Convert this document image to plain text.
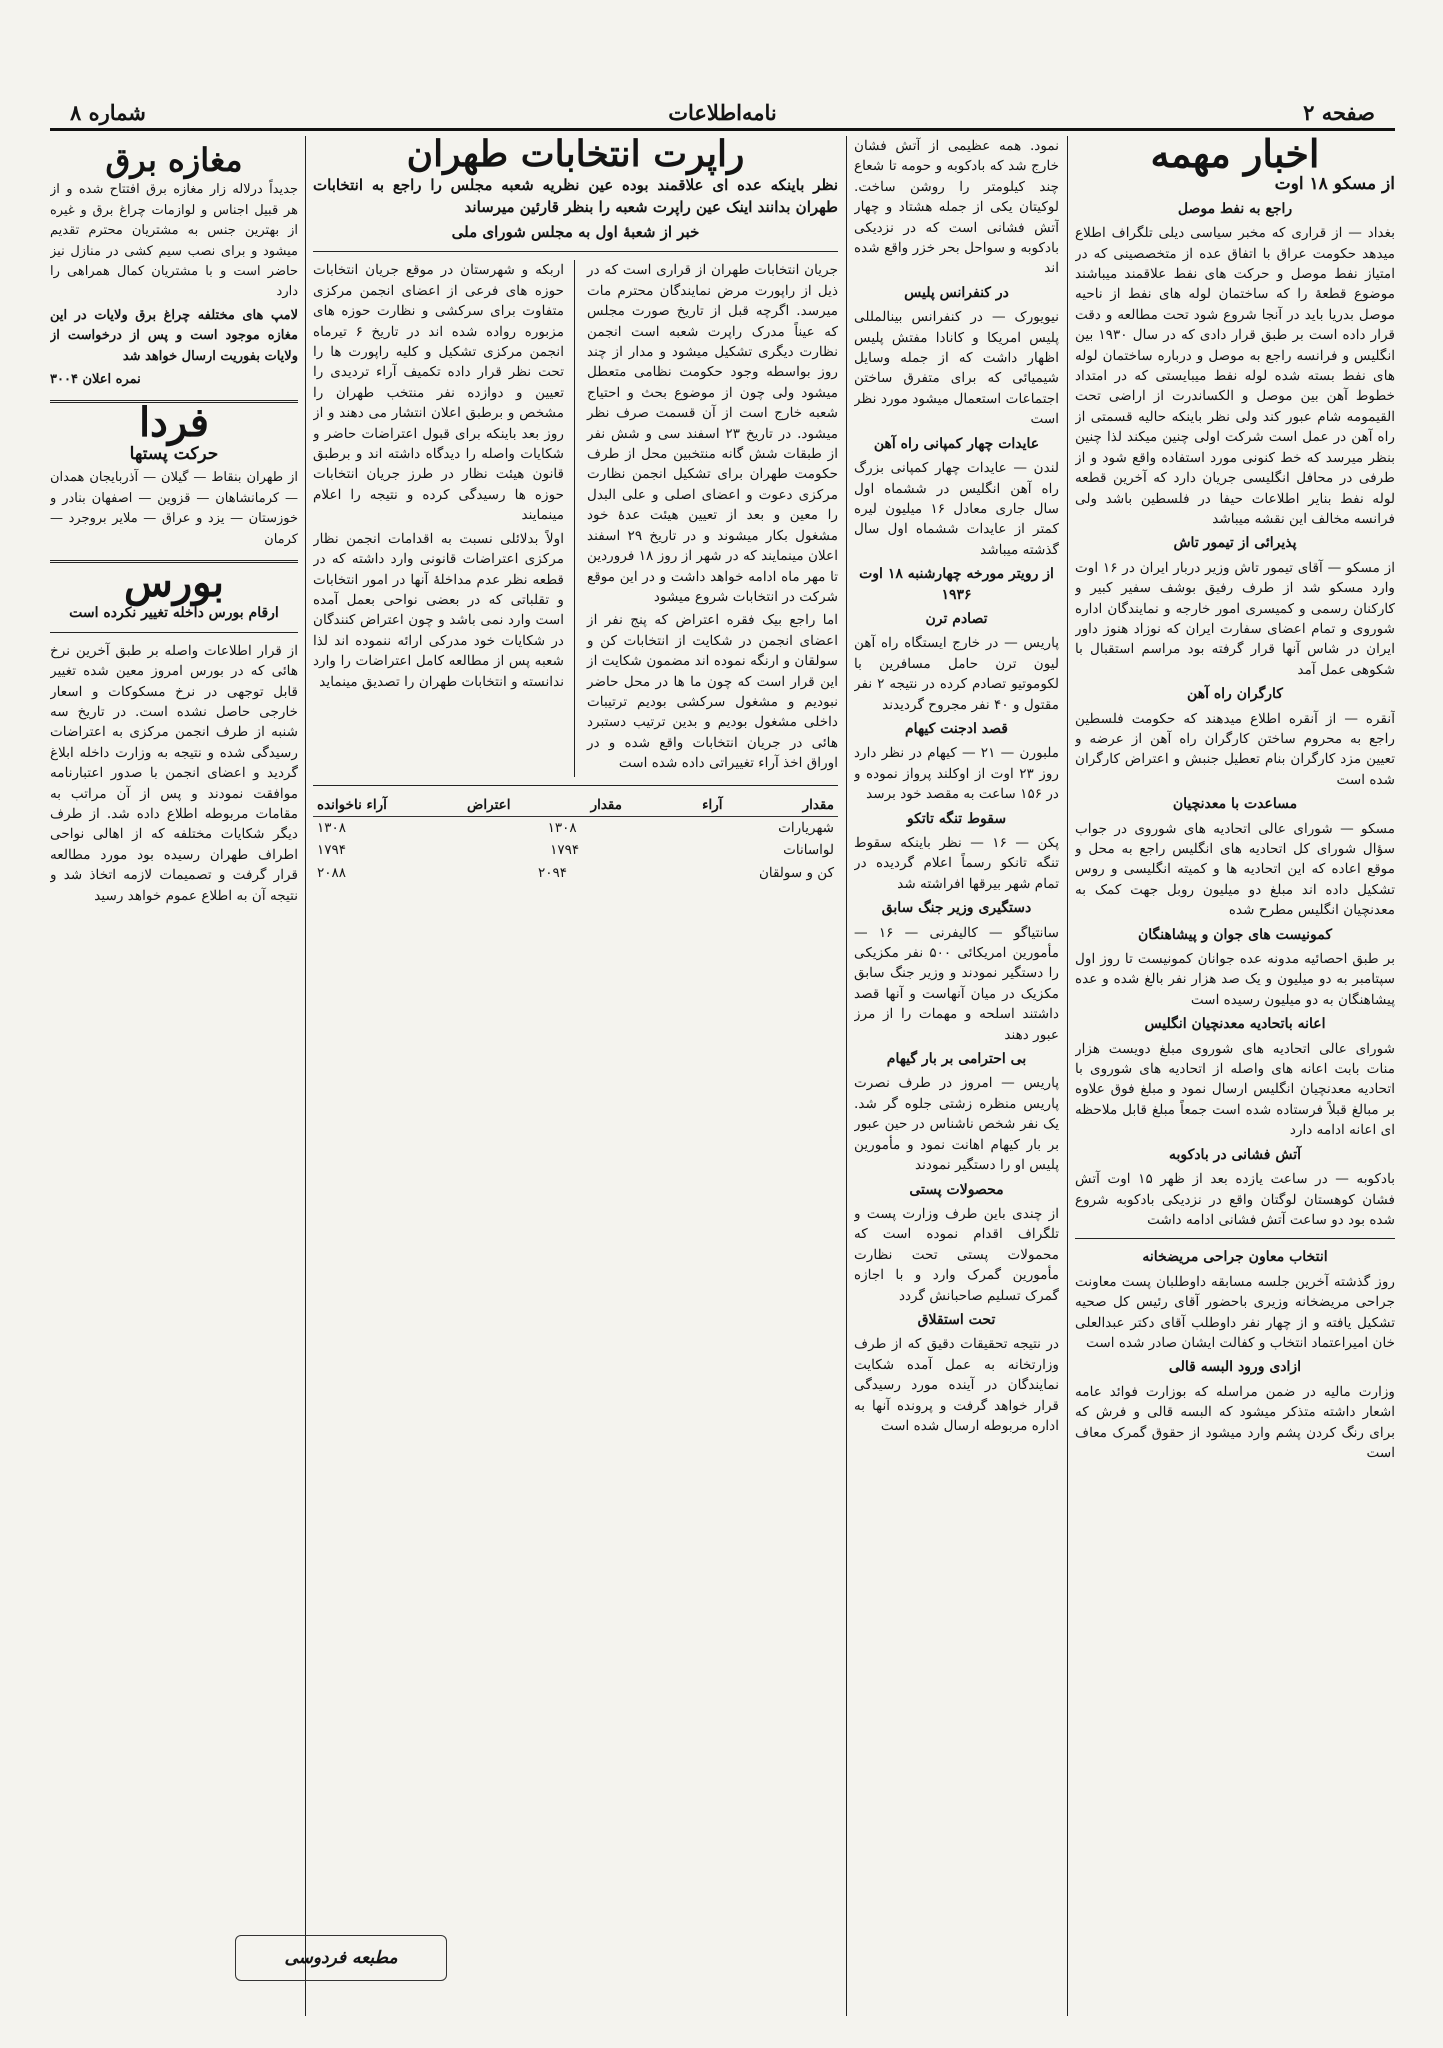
صفحه ۲
نامه‌اطلاعات
شماره ۸
اخبار مهمه
از مسکو ۱۸ اوت
راجع به نفط موصل

بغداد — از قراری که مخبر سیاسی دیلی تلگراف اطلاع میدهد حکومت عراق با اتفاق عده از متخصصینی که در امتیاز نفط موصل و حرکت های نفط علاقمند میباشند موضوع قطعهٔ را که ساختمان لوله های نفط از ناحیه موصل بدریا باید در آنجا شروع شود تحت مطالعه و دقت قرار داده است بر طبق قرار دادی که در سال ۱۹۳۰ بین انگلیس و فرانسه راجع به موصل و درباره ساختمان لوله های نفط بسته شده لوله نفط میبایستی که در امتداد خطوط آهن بین موصل و الکساندرت از اراضی تحت القیمومه شام عبور کند ولی نظر باینکه حالیه قسمتی از راه آهن در عمل است شرکت اولی چنین میکند لذا چنین بنظر میرسد که خط کنونی مورد استفاده واقع شود و از طرفی در محافل انگلیسی جریان دارد که آخرین قطعه لوله نفط بنایر اطلاعات حیفا در فلسطین باشد ولی فرانسه مخالف این نقشه میباشد

پذیرائی از تیمور تاش

از مسکو — آقای تیمور تاش وزیر دربار ایران در ۱۶ اوت وارد مسکو شد از طرف رفیق بوشف سفیر کبیر و کارکنان رسمی و کمیسری امور خارجه و نمایندگان اداره شوروی و تمام اعضای سفارت ایران که نوزاد هنوز داور ایران در شاس آنها قرار گرفته بود مراسم استقبال با شکوهی عمل آمد

کارگران راه آهن

آنقره — از آنقره اطلاع میدهند که حکومت فلسطین راجع به محروم ساختن کارگران راه آهن از عرضه و تعیین مزد کارگران بنام تعطیل جنبش و اعتراض کارگران شده است

مساعدت با معدنچیان

مسکو — شورای عالی اتحادیه های شوروی در جواب سؤال شورای کل اتحادیه های انگلیس راجع به محل و موقع اعاده که این اتحادیه ها و کمیته انگلیسی و روس تشکیل داده اند مبلغ دو میلیون روبل جهت کمک به معدنچیان انگلیس مطرح شده

کمونیست های جوان و پیشاهنگان

بر طبق احصائیه مدونه عده جوانان کمونیست تا روز اول سپتامبر به دو میلیون و یک صد هزار نفر بالغ شده و عده پیشاهنگان به دو میلیون رسیده است

اعانه باتحادیه معدنچیان انگلیس

شورای عالی اتحادیه های شوروی مبلغ دویست هزار منات بابت اعانه های واصله از اتحادیه های شوروی با اتحادیه معدنچیان انگلیس ارسال نمود و مبلغ فوق علاوه بر مبالغ قبلاً فرستاده شده است جمعاً مبلغ قابل ملاحظه ای اعانه ادامه دارد

آتش فشانی در بادکوبه

بادکوبه — در ساعت یازده بعد از ظهر ۱۵ اوت آتش فشان کوهستان لوگتان واقع در نزدیکی بادکوبه شروع شده بود دو ساعت آتش فشانی ادامه داشت

انتخاب معاون جراحی مریضخانه

روز گذشته آخرین جلسه مسابقه داوطلبان پست معاونت جراحی مریضخانه وزیری باحضور آقای رئیس کل صحیه تشکیل یافته و از چهار نفر داوطلب آقای دکتر عبدالعلی خان امیراعتماد انتخاب و کفالت ایشان صادر شده است

ازادی ورود البسه قالی

وزارت مالیه در ضمن مراسله که بوزارت فوائد عامه اشعار داشته متذکر میشود که البسه قالی و فرش که برای رنگ کردن پشم وارد میشود از حقوق گمرک معاف است

نمود. همه عظیمی از آتش فشان خارج شد که بادکوبه و حومه تا شعاع چند کیلومتر را روشن ساخت. لوکیتان یکی از جمله هشتاد و چهار آتش فشانی است که در نزدیکی بادکوبه و سواحل بحر خزر واقع شده اند

در کنفرانس پلیس

نیویورک — در کنفرانس بینالمللی پلیس امریکا و کانادا مفتش پلیس اظهار داشت که از جمله وسایل شیمیائی که برای متفرق ساختن اجتماعات استعمال میشود مورد نظر است

عایدات چهار کمپانی راه آهن

لندن — عایدات چهار کمپانی بزرگ راه آهن انگلیس در ششماه اول سال جاری معادل ۱۶ میلیون لیره کمتر از عایدات ششماه اول سال گذشته میباشد

از رویتر مورخه چهارشنبه ۱۸ اوت ۱۹۳۶
تصادم ترن

پاریس — در خارج ایستگاه راه آهن لیون ترن حامل مسافرین با لکوموتیو تصادم کرده در نتیجه ۲ نفر مقتول و ۴۰ نفر مجروح گردیدند

قصد ادجنت کیهام

ملبورن — ۲۱ — کیهام در نظر دارد روز ۲۳ اوت از اوکلند پرواز نموده و در ۱۵۶ ساعت به مقصد خود برسد

سقوط تنگه تاتکو

پکن — ۱۶ — نظر باینکه سقوط تنگه تانکو رسماً اعلام گردیده در تمام شهر بیرقها افراشته شد

دستگیری وزیر جنگ سابق

سانتیاگو — کالیفرنی — ۱۶ — مأمورین امریکائی ۵۰۰ نفر مکزیکی را دستگیر نمودند و وزیر جنگ سابق مکزیک در میان آنهاست و آنها قصد داشتند اسلحه و مهمات را از مرز عبور دهند

بی احترامی بر بار گیهام

پاریس — امروز در طرف نصرت پاریس منظره زشتی جلوه گر شد. یک نفر شخص ناشناس در حین عبور بر بار کیهام اهانت نمود و مأمورین پلیس او را دستگیر نمودند

محصولات پستی

از چندی باین طرف وزارت پست و تلگراف اقدام نموده است که محمولات پستی تحت نظارت مأمورین گمرک وارد و با اجازه گمرک تسلیم صاحبانش گردد

تحت استقلاق

در نتیجه تحقیقات دقیق که از طرف وزارتخانه به عمل آمده شکایت نمایندگان در آینده مورد رسیدگی قرار خواهد گرفت و پرونده آنها به اداره مربوطه ارسال شده است

راپرت انتخابات طهران

نظر باینکه عده ای علاقمند بوده عین نظریه شعبه مجلس را راجع به انتخابات طهران بدانند اینک عین راپرت شعبه را بنظر قارئین میرساند

خبر از شعبهٔ اول به مجلس شورای ملی

جریان انتخابات طهران از قراری است که در ذیل از راپورت مرض نمایندگان محترم مات میرسد. اگرچه قبل از تاریخ صورت مجلس که عیناً مدرک راپرت شعبه است انجمن نظارت دیگری تشکیل میشود و مدار از چند روز بواسطه وجود حکومت نظامی متعطل میشود ولی چون از موضوع بحث و احتیاج شعبه خارج است از آن قسمت صرف نظر میشود. در تاریخ ۲۳ اسفند سی و شش نفر از طبقات شش گانه منتخبین محل از طرف حکومت طهران برای تشکیل انجمن نظارت مرکزی دعوت و اعضای اصلی و علی البدل را معین و بعد از تعیین هیئت عدهٔ خود مشغول بکار میشوند و در تاریخ ۲۹ اسفند اعلان مینمایند که در شهر از روز ۱۸ فروردین تا مهر ماه ادامه خواهد داشت و در این موقع شرکت در انتخابات شروع میشود

اما راجع بیک فقره اعتراض که پنج نفر از اعضای انجمن در شکایت از انتخابات کن و سولقان و ارنگه نموده اند مضمون شکایت از این قرار است که چون ما ها در محل حاضر نبودیم و مشغول سرکشی بودیم ترتیبات داخلی مشغول بودیم و بدین ترتیب دستبرد هائی در جریان انتخابات واقع شده و در اوراق اخذ آراء تغییراتی داده شده است

اربکه و شهرستان در موقع جریان انتخابات حوزه های فرعی از اعضای انجمن مرکزی متفاوت برای سرکشی و نظارت حوزه های مزبوره رواده شده اند در تاریخ ۶ تیرماه انجمن مرکزی تشکیل و کلیه راپورت ها را تحت نظر قرار داده تکمیف آراء تردیدی را تعیین و دوازده نفر منتخب طهران را مشخص و برطبق اعلان انتشار می دهند و از روز بعد باینکه برای قبول اعتراضات حاضر و شکایات واصله را دیدگاه داشته اند و برطبق قانون هیئت نظار در طرز جریان انتخابات حوزه ها رسیدگی کرده و نتیجه را اعلام مینمایند

اولاً بدلائلی نسبت به اقدامات انجمن نظار مرکزی اعتراضات قانونی وارد داشته که در قطعه نظر عدم مداخلهٔ آنها در امور انتخابات و تقلباتی که در بعضی نواحی بعمل آمده است وارد نمی باشد و چون اعتراض کنندگان در شکایات خود مدرکی ارائه ننموده اند لذا شعبه پس از مطالعه کامل اعتراضات را وارد ندانسته و انتخابات طهران را تصدیق مینماید

مقدار
آراء
مقدار
اعتراض
آراء ناخوانده
شهریارات
۱۳۰۸
۱۳۰۸
لواسانات
۱۷۹۴
۱۷۹۴
کن و سولقان
۲۰۹۴
۲۰۸۸
مغازه برق

جدیداً درلاله زار مغازه برق افتتاح شده و از هر قبیل اجناس و لوازمات چراغ برق و غیره از بهترین جنس به مشتریان محترم تقدیم میشود و برای نصب سیم کشی در منازل نیز حاضر است و با مشتریان کمال همراهی را دارد

لامپ های مختلفه چراغ برق ولایات در این مغازه موجود است و پس از درخواست از ولایات بفوریت ارسال خواهد شد

نمره اعلان ۳۰۰۴

فردا
حرکت پستها

از طهران بنقاط — گیلان — آذربایجان همدان — کرمانشاهان — قزوین — اصفهان بنادر و خوزستان — یزد و عراق — ملایر بروجرد — کرمان

بورس
ارقام بورس داخله تغییر نکرده است

از قرار اطلاعات واصله بر طبق آخرین نرخ هائی که در بورس امروز معین شده تغییر قابل توجهی در نرخ مسکوکات و اسعار خارجی حاصل نشده است. در تاریخ سه شنبه از طرف انجمن مرکزی به اعتراضات رسیدگی شده و نتیجه به وزارت داخله ابلاغ گردید و اعضای انجمن با صدور اعتبارنامه موافقت نمودند و پس از آن مراتب به مقامات مربوطه اطلاع داده شد. از طرف دیگر شکایات مختلفه که از اهالی نواحی اطراف طهران رسیده بود مورد مطالعه قرار گرفت و تصمیمات لازمه اتخاذ شد و نتیجه آن به اطلاع عموم خواهد رسید

مطبعه فردوسی
